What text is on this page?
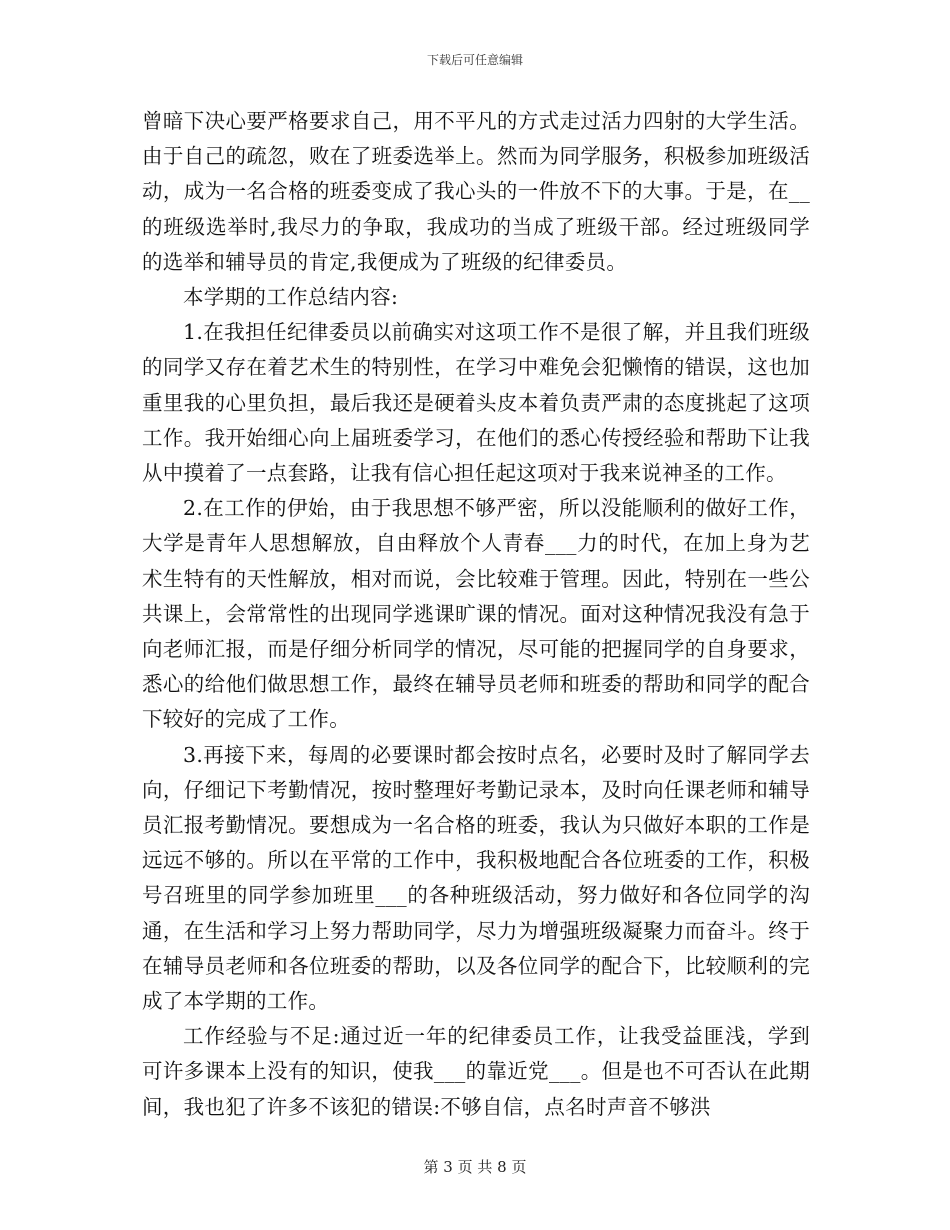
下载后可任意编辑

曾暗下决心要严格要求自己，用不平凡的方式走过活力四射的大学生活。由于自己的疏忽，败在了班委选举上。然而为同学服务，积极参加班级活动，成为一名合格的班委变成了我心头的一件放不下的大事。于是，在__的班级选举时,我尽力的争取，我成功的当成了班级干部。经过班级同学的选举和辅导员的肯定,我便成为了班级的纪律委员。

本学期的工作总结内容:

1.在我担任纪律委员以前确实对这项工作不是很了解，并且我们班级的同学又存在着艺术生的特别性，在学习中难免会犯懒惰的错误，这也加重里我的心里负担，最后我还是硬着头皮本着负责严肃的态度挑起了这项工作。我开始细心向上届班委学习，在他们的悉心传授经验和帮助下让我从中摸着了一点套路，让我有信心担任起这项对于我来说神圣的工作。

2.在工作的伊始，由于我思想不够严密，所以没能顺利的做好工作，大学是青年人思想解放，自由释放个人青春___力的时代，在加上身为艺术生特有的天性解放，相对而说，会比较难于管理。因此，特别在一些公共课上，会常常性的出现同学逃课旷课的情况。面对这种情况我没有急于向老师汇报，而是仔细分析同学的情况，尽可能的把握同学的自身要求，悉心的给他们做思想工作，最终在辅导员老师和班委的帮助和同学的配合下较好的完成了工作。

3.再接下来，每周的必要课时都会按时点名，必要时及时了解同学去向，仔细记下考勤情况，按时整理好考勤记录本，及时向任课老师和辅导员汇报考勤情况。要想成为一名合格的班委，我认为只做好本职的工作是远远不够的。所以在平常的工作中，我积极地配合各位班委的工作，积极号召班里的同学参加班里___的各种班级活动，努力做好和各位同学的沟通，在生活和学习上努力帮助同学，尽力为增强班级凝聚力而奋斗。终于在辅导员老师和各位班委的帮助，以及各位同学的配合下，比较顺利的完成了本学期的工作。

工作经验与不足:通过近一年的纪律委员工作，让我受益匪浅，学到可许多课本上没有的知识，使我___的靠近党___。但是也不可否认在此期间，我也犯了许多不该犯的错误:不够自信，点名时声音不够洪

第 3 页 共 8 页
